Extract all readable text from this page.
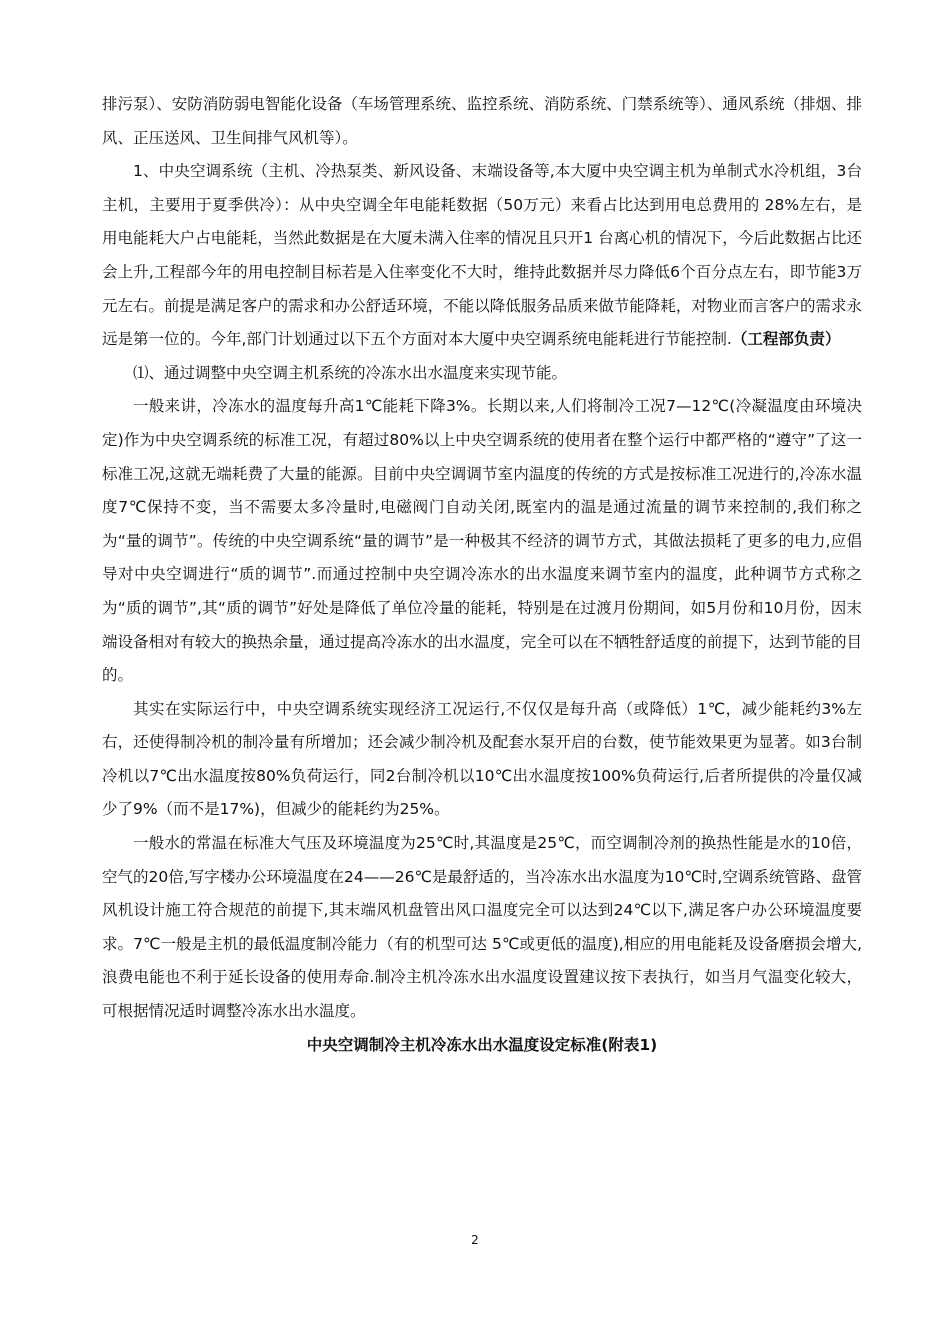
排污泵）、安防消防弱电智能化设备（车场管理系统、监控系统、消防系统、门禁系统等）、通风系统（排烟、排风、正压送风、卫生间排气风机等）。

1、中央空调系统（主机、冷热泵类、新风设备、末端设备等,本大厦中央空调主机为单制式水冷机组，3台主机，主要用于夏季供冷）：从中央空调全年电能耗数据（50万元）来看占比达到用电总费用的 28%左右，是用电能耗大户占电能耗，当然此数据是在大厦未满入住率的情况且只开1 台离心机的情况下，今后此数据占比还会上升,工程部今年的用电控制目标若是入住率变化不大时，维持此数据并尽力降低6个百分点左右，即节能3万元左右。前提是满足客户的需求和办公舒适环境，不能以降低服务品质来做节能降耗，对物业而言客户的需求永远是第一位的。今年,部门计划通过以下五个方面对本大厦中央空调系统电能耗进行节能控制.（工程部负责）

⑴、通过调整中央空调主机系统的冷冻水出水温度来实现节能。

一般来讲，冷冻水的温度每升高1℃能耗下降3%。长期以来,人们将制冷工况7—12℃(冷凝温度由环境决定)作为中央空调系统的标准工况，有超过80%以上中央空调系统的使用者在整个运行中都严格的“遵守”了这一标准工况,这就无端耗费了大量的能源。目前中央空调调节室内温度的传统的方式是按标准工况进行的,冷冻水温度7℃保持不变，当不需要太多冷量时,电磁阀门自动关闭,既室内的温是通过流量的调节来控制的,我们称之为“量的调节”。传统的中央空调系统“量的调节”是一种极其不经济的调节方式，其做法损耗了更多的电力,应倡导对中央空调进行“质的调节”.而通过控制中央空调冷冻水的出水温度来调节室内的温度，此种调节方式称之为“质的调节”,其“质的调节”好处是降低了单位冷量的能耗，特别是在过渡月份期间，如5月份和10月份，因末端设备相对有较大的换热余量，通过提高冷冻水的出水温度，完全可以在不牺牲舒适度的前提下，达到节能的目的。

其实在实际运行中，中央空调系统实现经济工况运行,不仅仅是每升高（或降低）1℃，减少能耗约3%左右，还使得制冷机的制冷量有所增加；还会减少制冷机及配套水泵开启的台数，使节能效果更为显著。如3台制冷机以7℃出水温度按80%负荷运行，同2台制冷机以10℃出水温度按100%负荷运行,后者所提供的冷量仅减少了9%（而不是17%)，但减少的能耗约为25%。

一般水的常温在标准大气压及环境温度为25℃时,其温度是25℃，而空调制冷剂的换热性能是水的10倍，空气的20倍,写字楼办公环境温度在24——26℃是最舒适的，当冷冻水出水温度为10℃时,空调系统管路、盘管风机设计施工符合规范的前提下,其末端风机盘管出风口温度完全可以达到24℃以下,满足客户办公环境温度要求。7℃一般是主机的最低温度制冷能力（有的机型可达 5℃或更低的温度),相应的用电能耗及设备磨损会增大,浪费电能也不利于延长设备的使用寿命.制冷主机冷冻水出水温度设置建议按下表执行，如当月气温变化较大，可根据情况适时调整冷冻水出水温度。

中央空调制冷主机冷冻水出水温度设定标准(附表1)

2
